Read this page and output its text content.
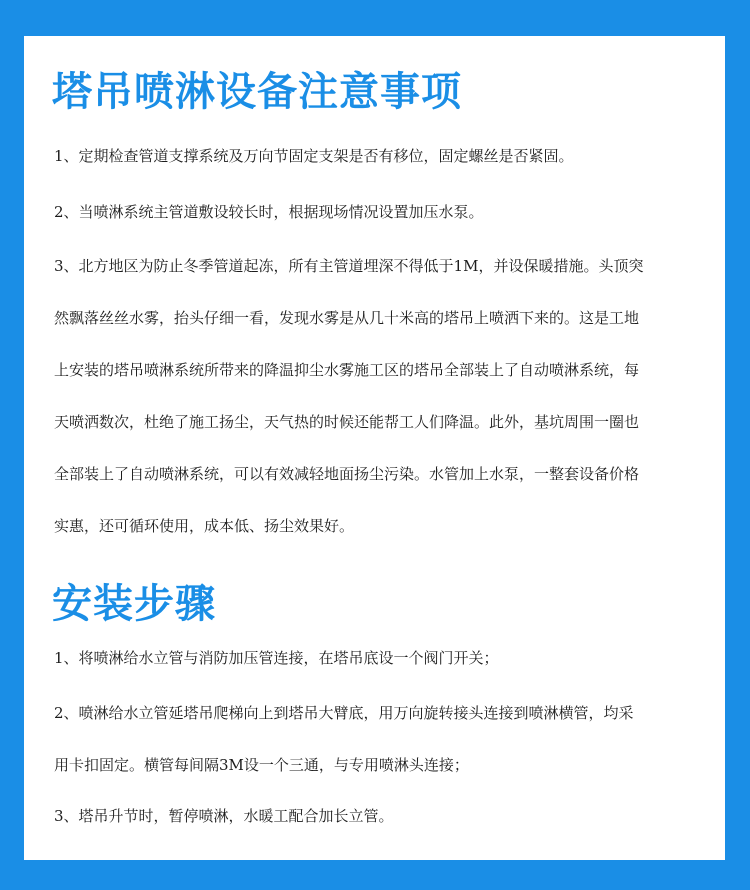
塔吊喷淋设备注意事项

1、定期检查管道支撑系统及万向节固定支架是否有移位，固定螺丝是否紧固。

2、当喷淋系统主管道敷设较长时，根据现场情况设置加压水泵。

3、北方地区为防止冬季管道起冻，所有主管道埋深不得低于1M，并设保暖措施。头顶突
然飘落丝丝水雾，抬头仔细一看，发现水雾是从几十米高的塔吊上喷洒下来的。这是工地
上安装的塔吊喷淋系统所带来的降温抑尘水雾施工区的塔吊全部装上了自动喷淋系统，每
天喷洒数次，杜绝了施工扬尘，天气热的时候还能帮工人们降温。此外，基坑周围一圈也
全部装上了自动喷淋系统，可以有效减轻地面扬尘污染。水管加上水泵，一整套设备价格
实惠，还可循环使用，成本低、扬尘效果好。

安装步骤

1、将喷淋给水立管与消防加压管连接，在塔吊底设一个阀门开关；

2、喷淋给水立管延塔吊爬梯向上到塔吊大臂底，用万向旋转接头连接到喷淋横管，均采
用卡扣固定。横管每间隔3M设一个三通，与专用喷淋头连接；

3、塔吊升节时，暂停喷淋，水暖工配合加长立管。
